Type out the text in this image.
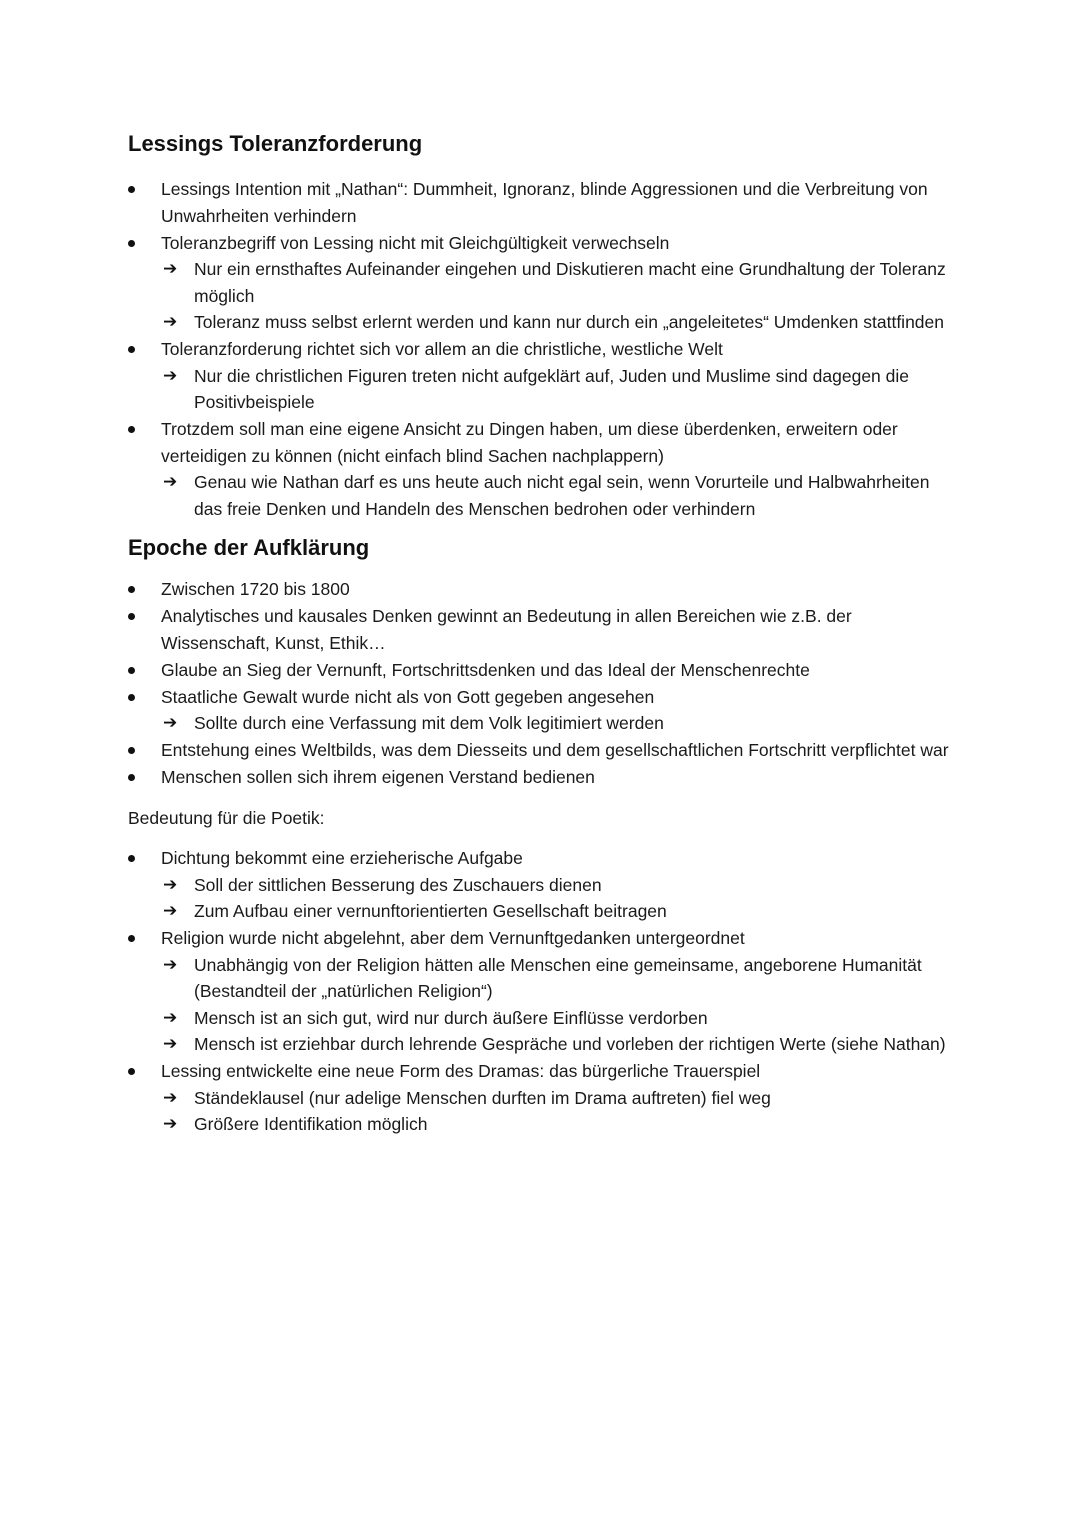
Lessings Toleranzforderung
Lessings Intention mit „Nathan“: Dummheit, Ignoranz, blinde Aggressionen und die Verbreitung von Unwahrheiten verhindern
Toleranzbegriff von Lessing nicht mit Gleichgültigkeit verwechseln
➔ Nur ein ernsthaftes Aufeinander eingehen und Diskutieren macht eine Grundhaltung der Toleranz möglich
➔ Toleranz muss selbst erlernt werden und kann nur durch ein „angeleitetes“ Umdenken stattfinden
Toleranzforderung richtet sich vor allem an die christliche, westliche Welt
➔ Nur die christlichen Figuren treten nicht aufgeklärt auf, Juden und Muslime sind dagegen die Positivbeispiele
Trotzdem soll man eine eigene Ansicht zu Dingen haben, um diese überdenken, erweitern oder verteidigen zu können (nicht einfach blind Sachen nachplappern)
➔ Genau wie Nathan darf es uns heute auch nicht egal sein, wenn Vorurteile und Halbwahrheiten das freie Denken und Handeln des Menschen bedrohen oder verhindern
Epoche der Aufklärung
Zwischen 1720 bis 1800
Analytisches und kausales Denken gewinnt an Bedeutung in allen Bereichen wie z.B. der Wissenschaft, Kunst, Ethik…
Glaube an Sieg der Vernunft, Fortschrittsdenken und das Ideal der Menschenrechte
Staatliche Gewalt wurde nicht als von Gott gegeben angesehen
➔ Sollte durch eine Verfassung mit dem Volk legitimiert werden
Entstehung eines Weltbilds, was dem Diesseits und dem gesellschaftlichen Fortschritt verpflichtet war
Menschen sollen sich ihrem eigenen Verstand bedienen

Bedeutung für die Poetik:

Dichtung bekommt eine erzieherische Aufgabe
➔ Soll der sittlichen Besserung des Zuschauers dienen
➔ Zum Aufbau einer vernunftorientierten Gesellschaft beitragen
Religion wurde nicht abgelehnt, aber dem Vernunftgedanken untergeordnet
➔ Unabhängig von der Religion hätten alle Menschen eine gemeinsame, angeborene Humanität (Bestandteil der „natürlichen Religion“)
➔ Mensch ist an sich gut, wird nur durch äußere Einflüsse verdorben
➔ Mensch ist erziehbar durch lehrende Gespräche und vorleben der richtigen Werte (siehe Nathan)
Lessing entwickelte eine neue Form des Dramas: das bürgerliche Trauerspiel
➔ Ständeklausel (nur adelige Menschen durften im Drama auftreten) fiel weg
➔ Größere Identifikation möglich
